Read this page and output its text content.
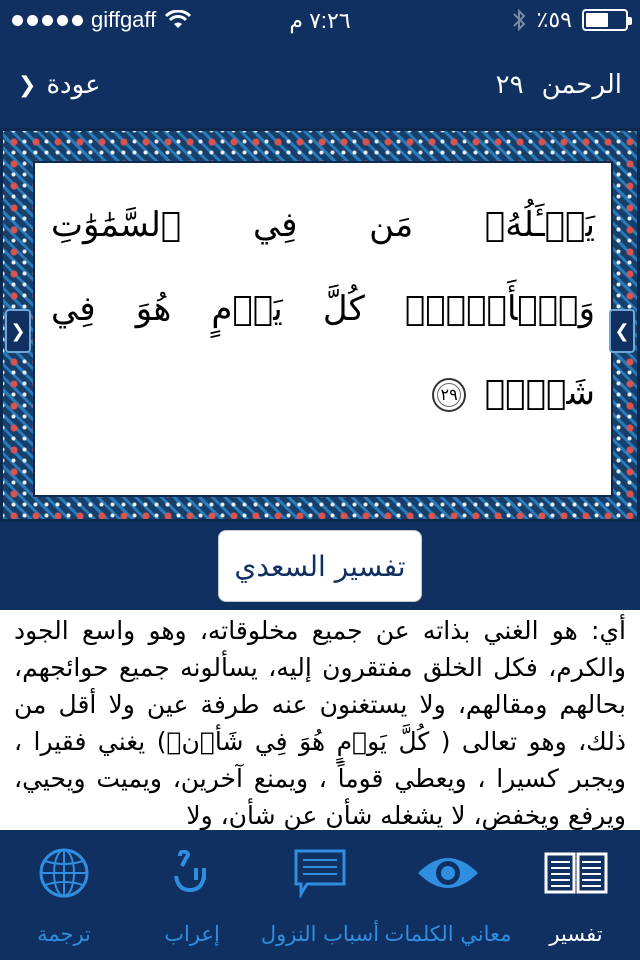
giffgaff	٧:٢٦ م	٪٥٩
❯ عودة	الرحمن
٢٩
يَسۡـَٔلُهُۥ مَن فِي ٱلسَّمَٰوَٰتِ وَٱلۡأَرۡضِۚ كُلَّ يَوۡمٍ هُوَ فِي شَأۡنٖ ٢٩
❯	❮
تفسير السعدي

أي: هو الغني بذاته عن جميع مخلوقاته، وهو واسع الجود والكرم، فكل الخلق مفتقرون إليه، يسألونه جميع حوائجهم، بحالهم ومقالهم، ولا يستغنون عنه طرفة عين ولا أقل من ذلك، وهو تعالى ( كُلَّ يَوۡمٍ هُوَ فِي شَأۡنٖ) يغني فقيرا ، ويجبر كسيرا ، ويعطي قوماً ، ويمنع آخرين، ويميت ويحيي، ويرفع ويخفض، لا يشغله شأن عن شأن، ولا

تفسير
معاني الكلمات
أسباب النزول
إعراب
ترجمة
